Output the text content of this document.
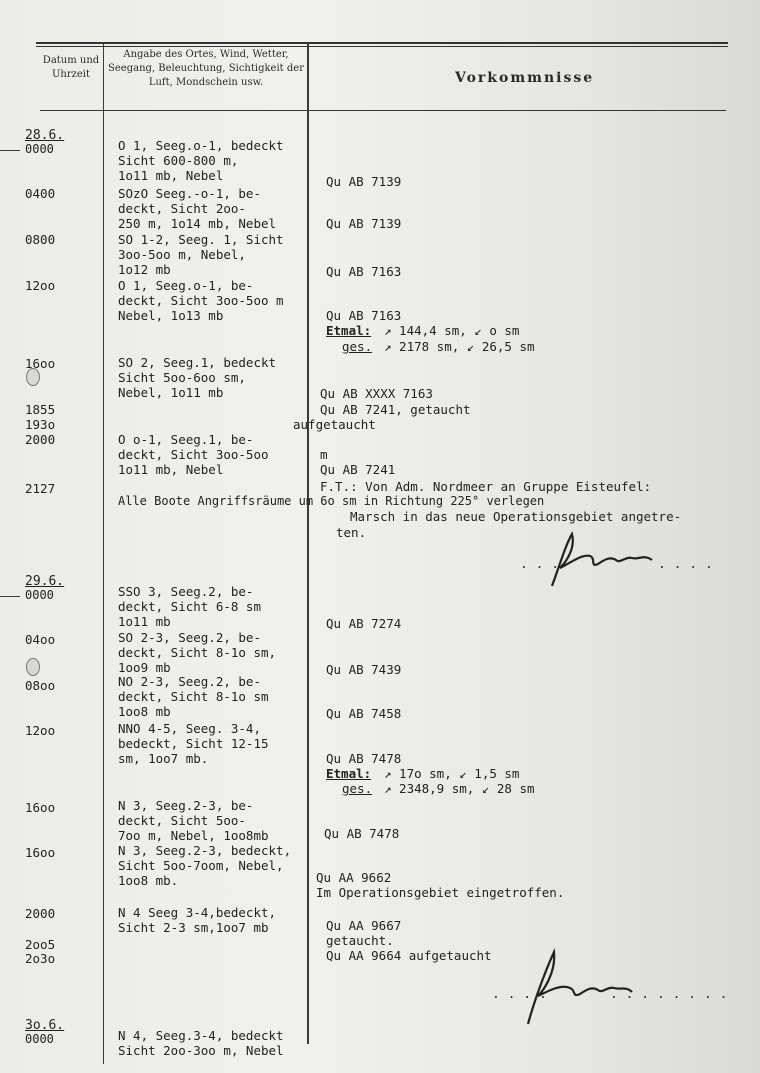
Datum und Uhrzeit
Angabe des Ortes, Wind, Wetter, Seegang, Beleuchtung, Sichtigkeit der Luft, Mondschein usw.	Vorkommnisse
28.6.
0000	O 1, Seeg.o-1, bedeckt
Sicht 600-800 m,
1o11 mb, Nebel	Qu AB 7139
0400	SOzO Seeg.-o-1, be-
deckt, Sicht 2oo-
250 m, 1o14 mb, Nebel	Qu AB 7139
0800	SO 1-2, Seeg. 1, Sicht
3oo-5oo m, Nebel,
1o12 mb	Qu AB 7163
12oo	O 1, Seeg.o-1, be-
deckt, Sicht 3oo-5oo m
Nebel, 1o13 mb	Qu AB 7163
Etmal: ↗ 144,4 sm, ↙ o sm
ges. ↗ 2178 sm, ↙ 26,5 sm
16oo	SO 2, Seeg.1, bedeckt
Sicht 5oo-6oo sm,
Nebel, 1o11 mb	Qu AB XXXX 7163
1855	Qu AB 7241, getaucht
193o	aufgetaucht
2000	O o-1, Seeg.1, be-
deckt, Sicht 3oo-5oo
1o11 mb, Nebel
m
Qu AB 7241
2127	F.T.: Von Adm. Nordmeer an Gruppe Eisteufel:
Alle Boote Angriffsräume um 6o sm in Richtung 225° verlegen
Marsch in das neue Operationsgebiet angetre-
ten.
. . .	. . . .
29.6.
0000	SSO 3, Seeg.2, be-
deckt, Sicht 6-8 sm
1o11 mb	Qu AB 7274
04oo	SO 2-3, Seeg.2, be-
deckt, Sicht 8-1o sm,
1oo9 mb	Qu AB 7439
08oo	NO 2-3, Seeg.2, be-
deckt, Sicht 8-1o sm
1oo8 mb	Qu AB 7458
12oo	NNO 4-5, Seeg. 3-4,
bedeckt, Sicht 12-15
sm, 1oo7 mb.	Qu AB 7478
Etmal: ↗ 17o sm, ↙ 1,5 sm
ges. ↗ 2348,9 sm, ↙ 28 sm
16oo	N 3, Seeg.2-3, be-
deckt, Sicht 5oo-
7oo m, Nebel, 1oo8mb	Qu AB 7478
16oo	N 3, Seeg.2-3, bedeckt,
Sicht 5oo-7oom, Nebel,
1oo8 mb.	Qu AA 9662
Im Operationsgebiet eingetroffen.
2000	N 4 Seeg 3-4,bedeckt,
Sicht 2-3 sm,1oo7 mb	Qu AA 9667
2oo5	getaucht.
2o3o	Qu AA 9664 aufgetaucht
. . . .	. . . . . . . .
3o.6.
0000	N 4, Seeg.3-4, bedeckt
Sicht 2oo-3oo m, Nebel
